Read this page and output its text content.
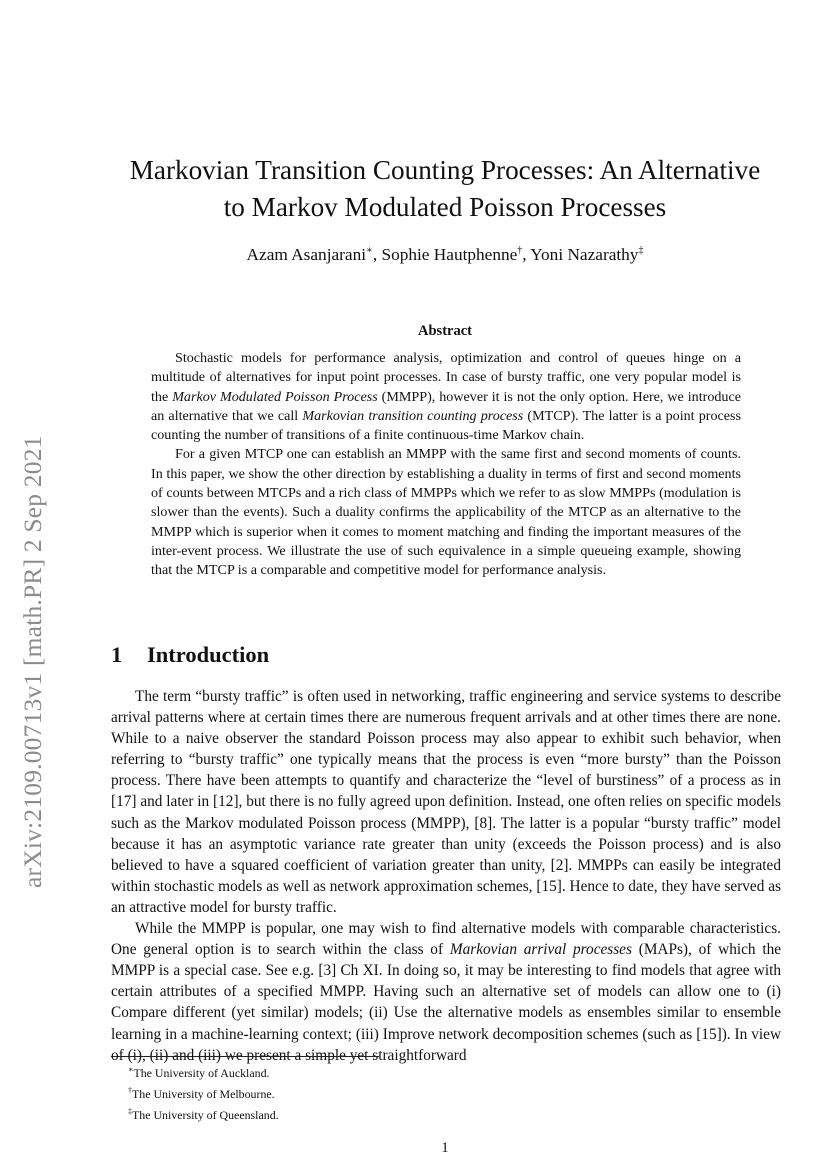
arXiv:2109.00713v1 [math.PR] 2 Sep 2021
Markovian Transition Counting Processes: An Alternative
to Markov Modulated Poisson Processes
Azam Asanjarani∗, Sophie Hautphenne†, Yoni Nazarathy‡
Abstract

Stochastic models for performance analysis, optimization and control of queues hinge on a multitude of alternatives for input point processes. In case of bursty traffic, one very popular model is the Markov Modulated Poisson Process (MMPP), however it is not the only option. Here, we introduce an alternative that we call Markovian transition counting process (MTCP). The latter is a point process counting the number of transitions of a finite continuous-time Markov chain.

For a given MTCP one can establish an MMPP with the same first and second moments of counts. In this paper, we show the other direction by establishing a duality in terms of first and second moments of counts between MTCPs and a rich class of MMPPs which we refer to as slow MMPPs (modulation is slower than the events). Such a duality confirms the applicability of the MTCP as an alternative to the MMPP which is superior when it comes to moment matching and finding the important measures of the inter-event process. We illustrate the use of such equivalence in a simple queueing example, showing that the MTCP is a comparable and competitive model for performance analysis.

1 Introduction

The term “bursty traffic” is often used in networking, traffic engineering and service systems to describe arrival patterns where at certain times there are numerous frequent arrivals and at other times there are none. While to a naive observer the standard Poisson process may also appear to exhibit such behavior, when referring to “bursty traffic” one typically means that the process is even “more bursty” than the Poisson process. There have been attempts to quantify and characterize the “level of burstiness” of a process as in [17] and later in [12], but there is no fully agreed upon definition. Instead, one often relies on specific models such as the Markov modulated Poisson process (MMPP), [8]. The latter is a popular “bursty traffic” model because it has an asymptotic variance rate greater than unity (exceeds the Poisson process) and is also believed to have a squared coefficient of variation greater than unity, [2]. MMPPs can easily be integrated within stochastic models as well as network approximation schemes, [15]. Hence to date, they have served as an attractive model for bursty traffic.

While the MMPP is popular, one may wish to find alternative models with comparable characteristics. One general option is to search within the class of Markovian arrival processes (MAPs), of which the MMPP is a special case. See e.g. [3] Ch XI. In doing so, it may be interesting to find models that agree with certain attributes of a specified MMPP. Having such an alternative set of models can allow one to (i) Compare different (yet similar) models; (ii) Use the alternative models as ensembles similar to ensemble learning in a machine-learning context; (iii) Improve network decomposition schemes (such as [15]). In view of (i), (ii) and (iii) we present a simple yet straightforward

∗The University of Auckland.
†The University of Melbourne.
‡The University of Queensland.
1
